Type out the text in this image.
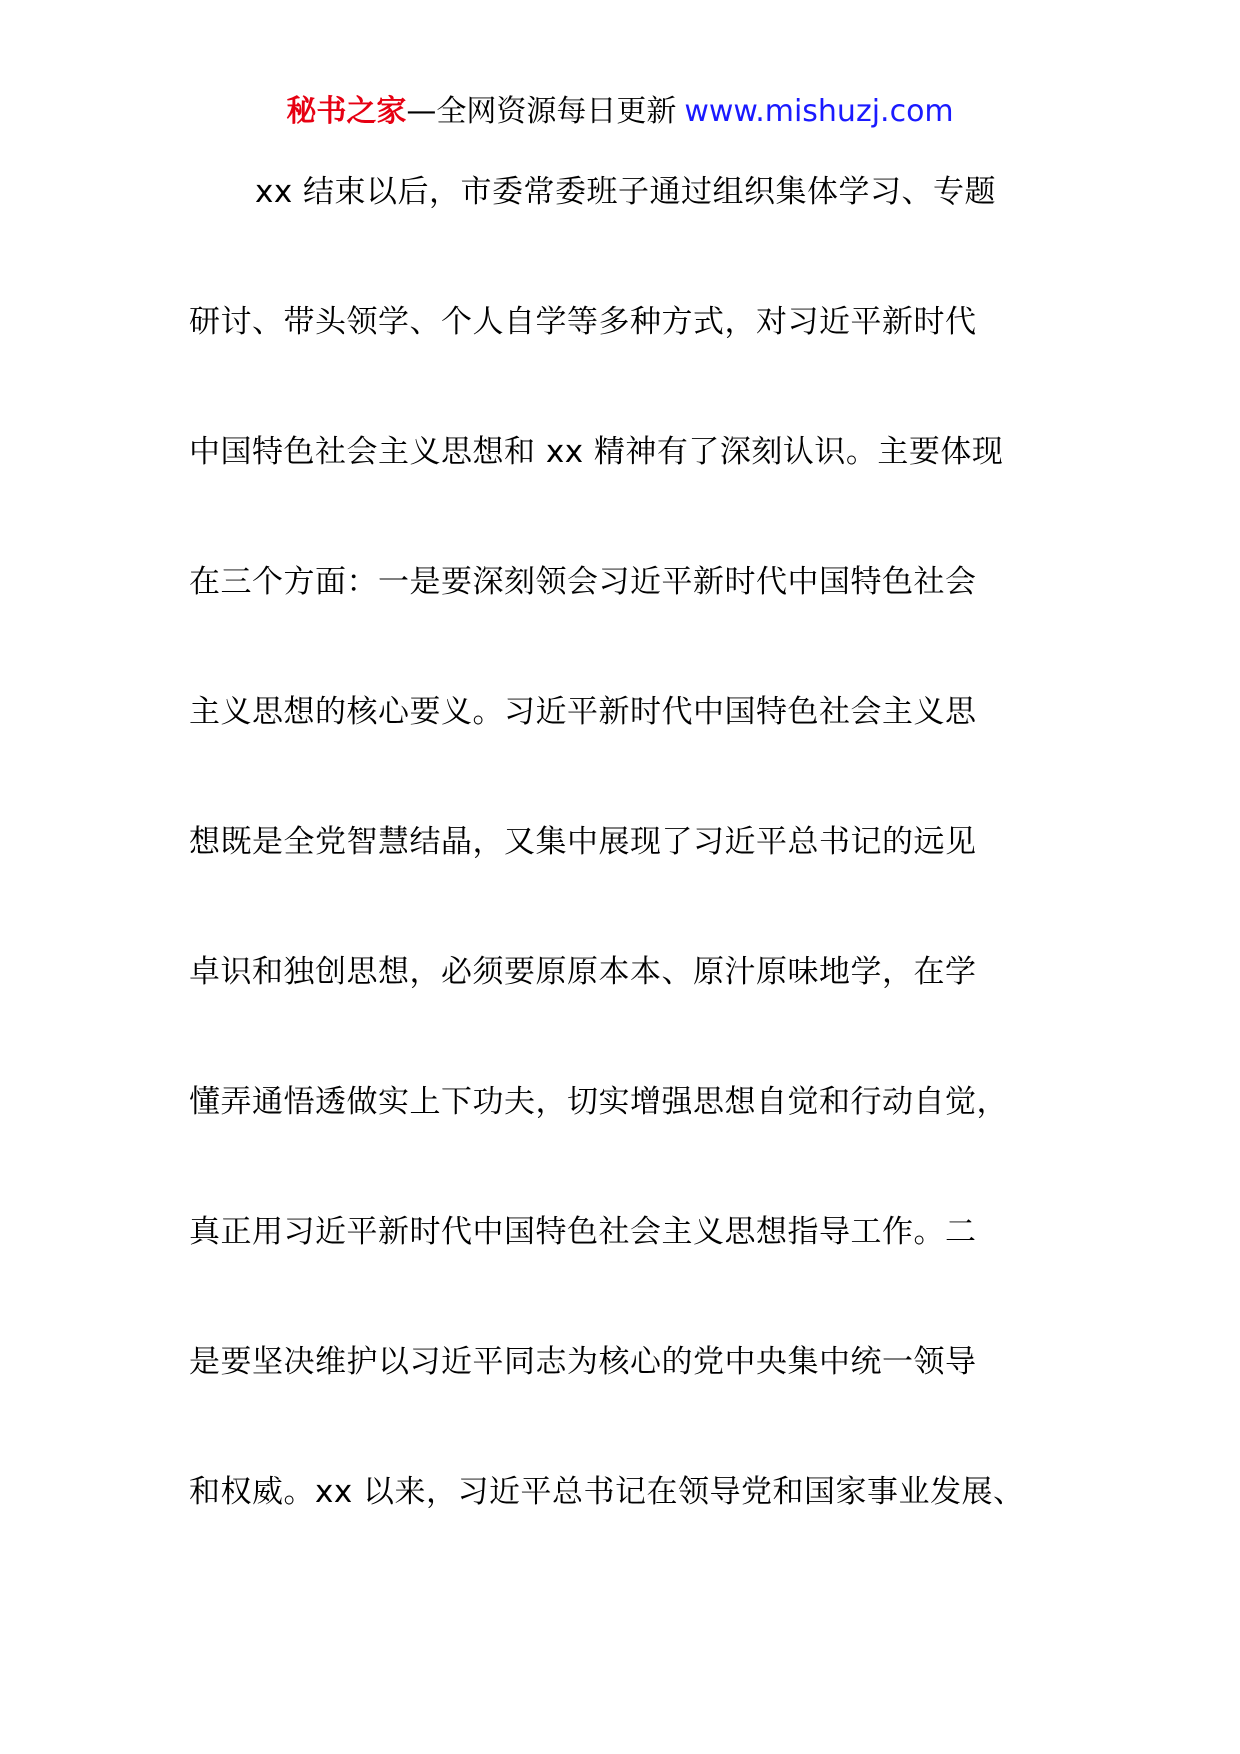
秘书之家—全网资源每日更新 www.mishuzj.com
xx 结束以后，市委常委班子通过组织集体学习、专题
研讨、带头领学、个人自学等多种方式，对习近平新时代
中国特色社会主义思想和 xx 精神有了深刻认识。主要体现
在三个方面：一是要深刻领会习近平新时代中国特色社会
主义思想的核心要义。习近平新时代中国特色社会主义思
想既是全党智慧结晶，又集中展现了习近平总书记的远见
卓识和独创思想，必须要原原本本、原汁原味地学，在学
懂弄通悟透做实上下功夫，切实增强思想自觉和行动自觉，
真正用习近平新时代中国特色社会主义思想指导工作。二
是要坚决维护以习近平同志为核心的党中央集中统一领导
和权威。xx 以来，习近平总书记在领导党和国家事业发展、
